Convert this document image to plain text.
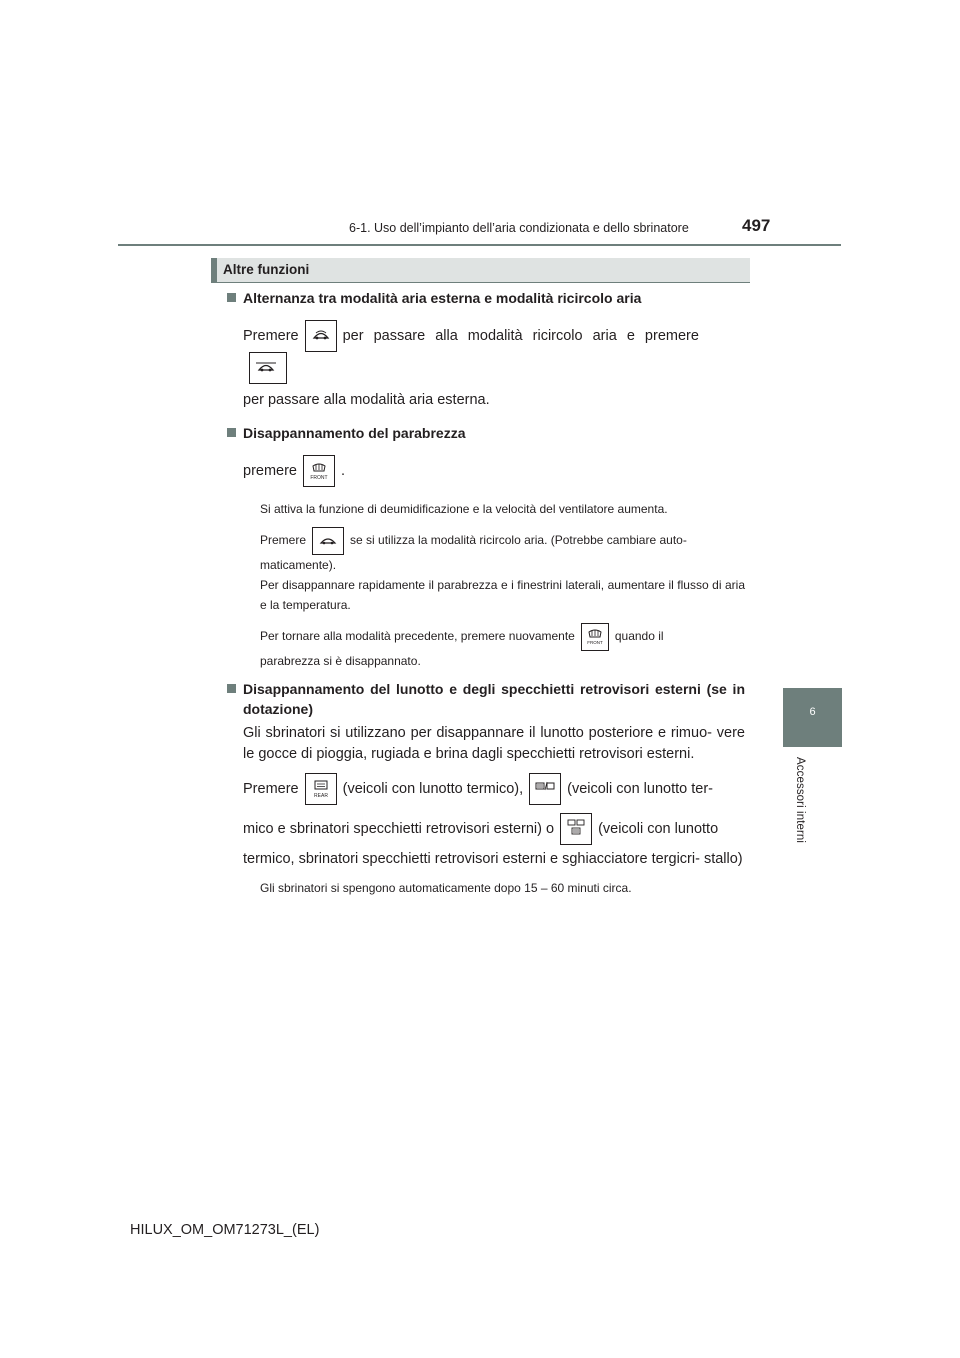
6-1. Uso dell’impianto dell’aria condizionata e dello sbrinatore	497
6
Accessori interni
Altre funzioni
Alternanza tra modalità aria esterna e modalità ricircolo aria
Premere	per passare alla modalità ricircolo aria e premere
per passare alla modalità aria esterna.
Disappannamento del parabrezza
premere	FRONT .
Si attiva la funzione di deumidificazione e la velocità del ventilatore aumenta.
Premere	se si utilizza la modalità ricircolo aria. (Potrebbe cambiare auto-
maticamente).
Per disappannare rapidamente il parabrezza e i finestrini laterali, aumentare il flusso di aria e la temperatura.
Per tornare alla modalità precedente, premere nuovamente	FRONT quando il
parabrezza si è disappannato.
Disappannamento del lunotto e degli specchietti retrovisori esterni (se in dotazione)
Gli sbrinatori si utilizzano per disappannare il lunotto posteriore e rimuo- vere le gocce di pioggia, rugiada e brina dagli specchietti retrovisori esterni.
Premere	REAR (veicoli con lunotto termico),	(veicoli con lunotto ter-
mico e sbrinatori specchietti retrovisori esterni) o	(veicoli con lunotto
termico, sbrinatori specchietti retrovisori esterni e sghiacciatore tergicri- stallo)
Gli sbrinatori si spengono automaticamente dopo 15 – 60 minuti circa.
HILUX_OM_OM71273L_(EL)
